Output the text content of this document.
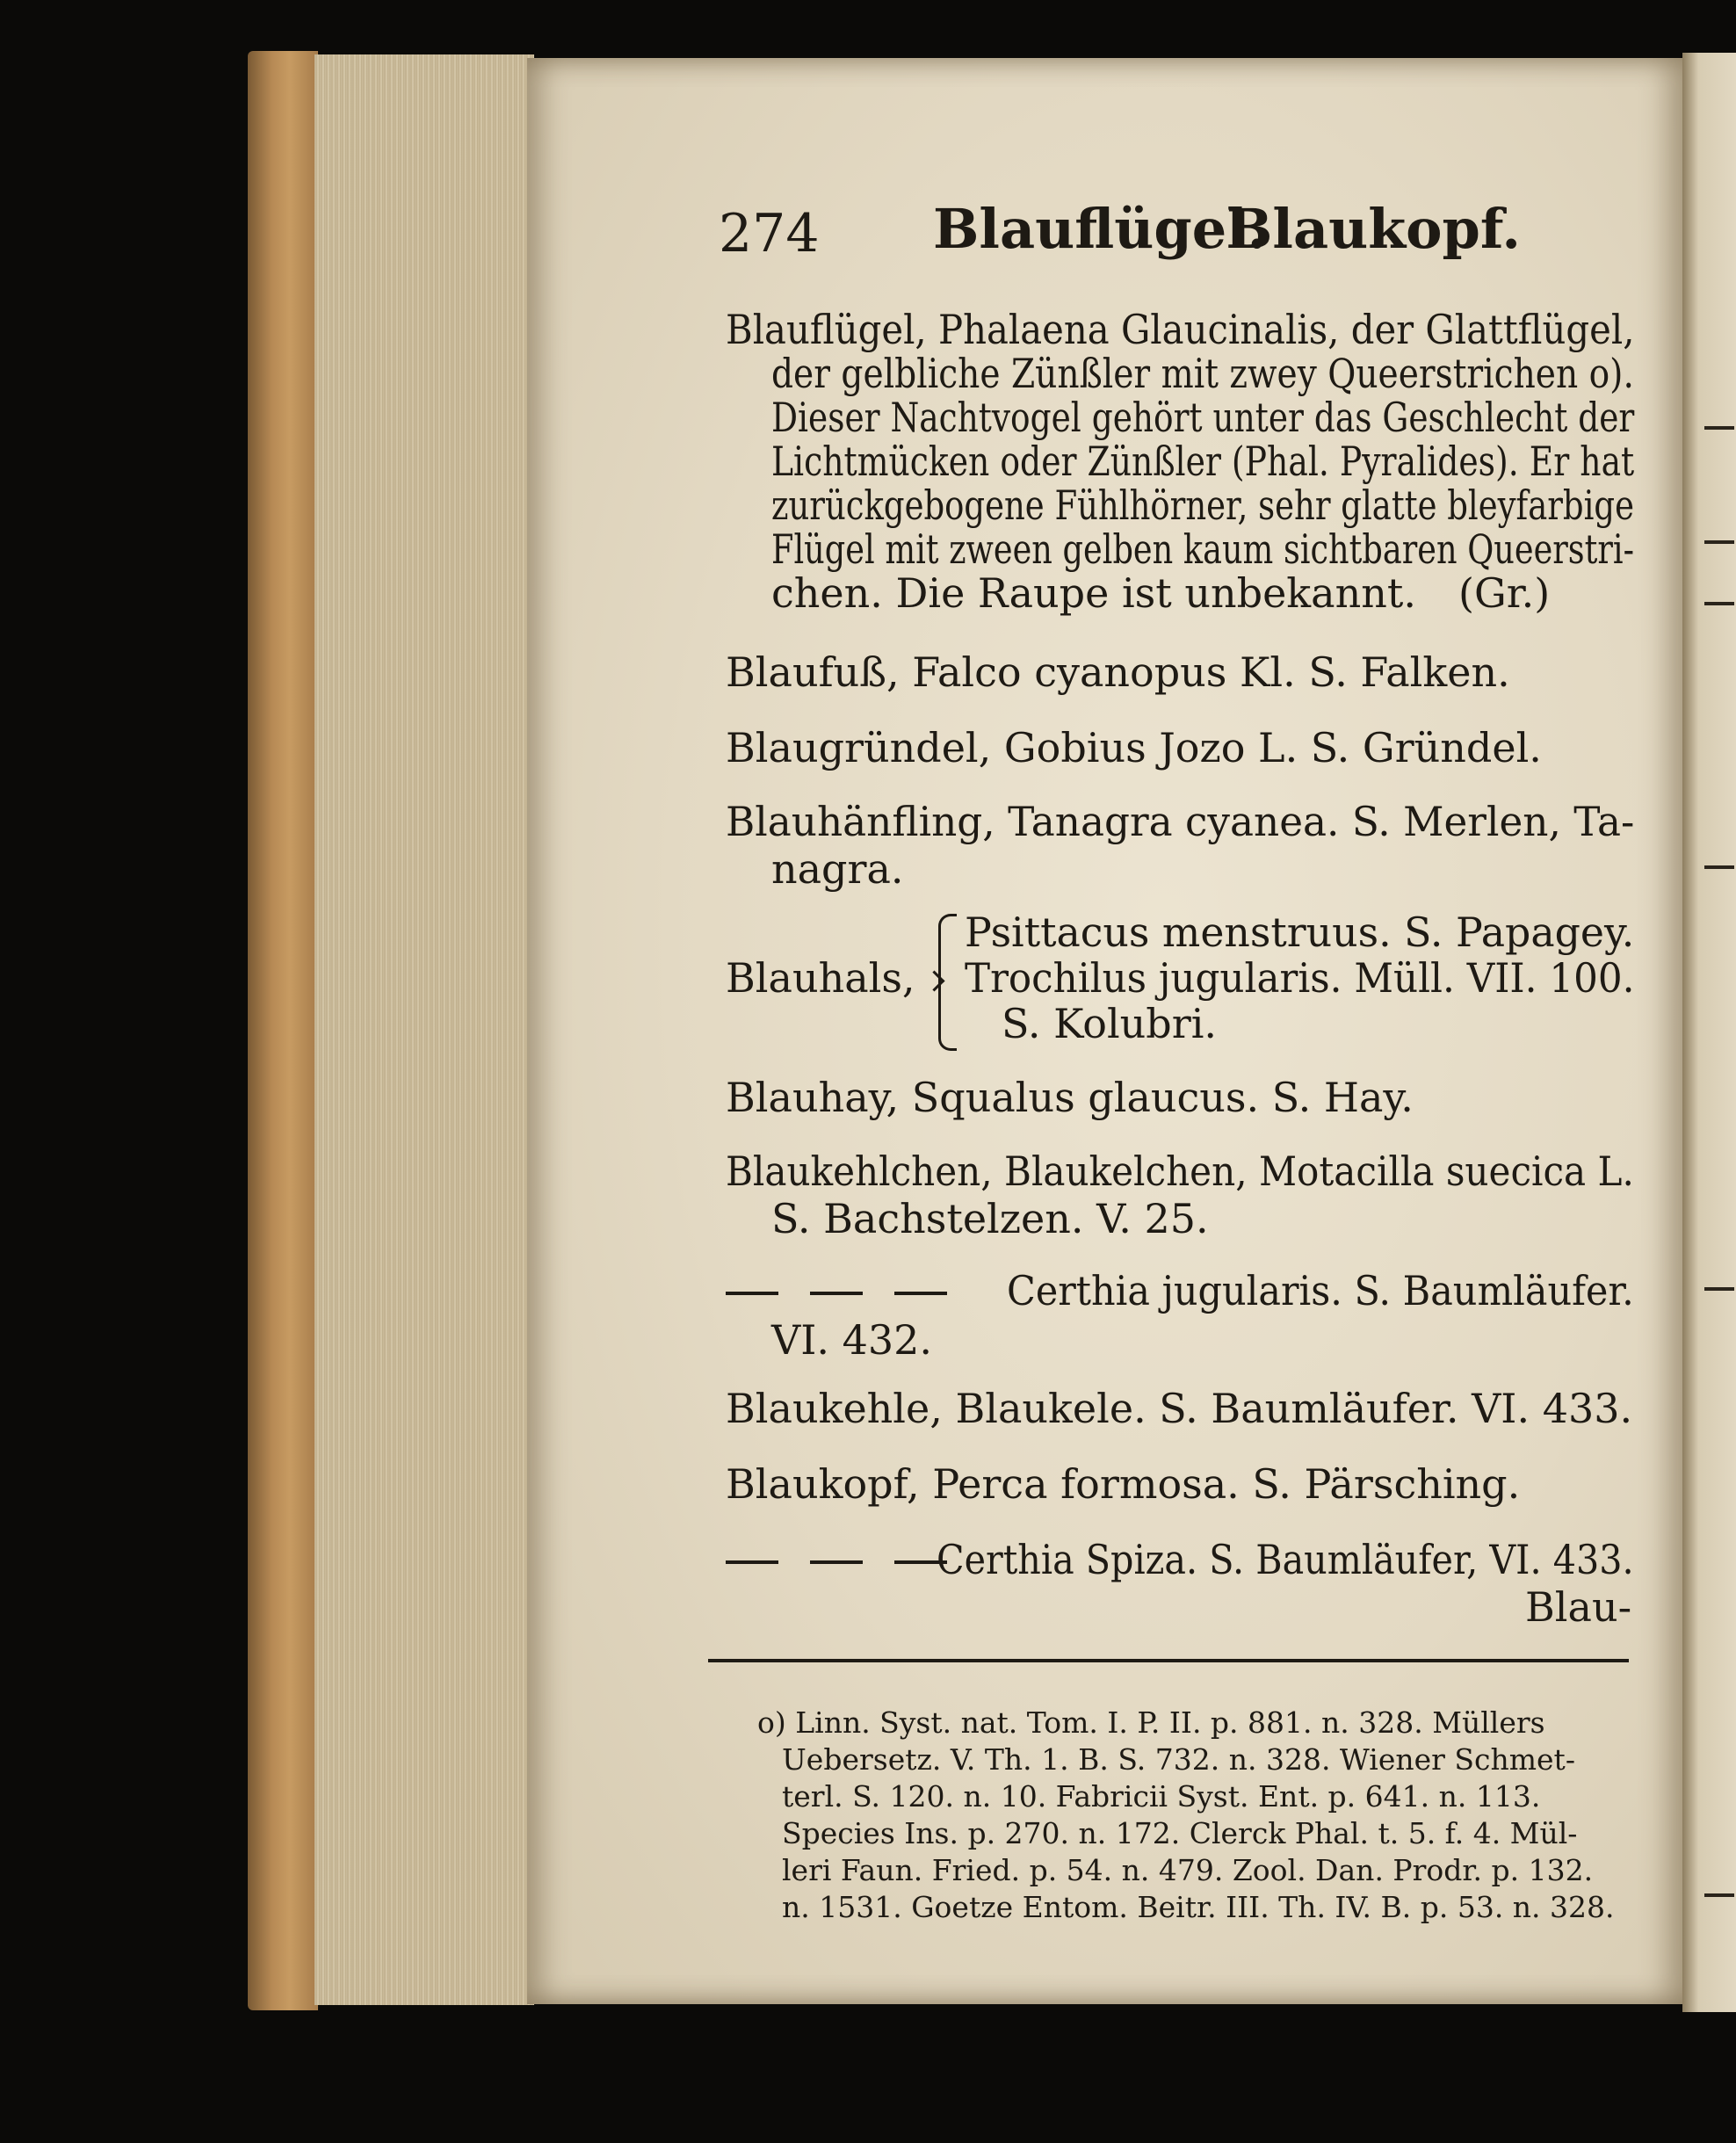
274 Blauflügel.
Blaukopf.
Blauflügel, Phalaena Glaucinalis, der Glattflügel,
der gelbliche Zünßler mit zwey Queerstrichen o).
Dieser Nachtvogel gehört unter das Geschlecht der
Lichtmücken oder Zünßler (Phal. Pyralides). Er hat
zurückgebogene Fühlhörner, sehr glatte bleyfarbige
Flügel mit zween gelben kaum sichtbaren Queerstri-
chen. Die Raupe ist unbekannt. (Gr.)
Blaufuß, Falco cyanopus Kl. S. Falken.
Blaugründel, Gobius Jozo L. S. Gründel.
Blauhänfling, Tanagra cyanea. S. Merlen, Ta-
nagra.
Blauhals,
Psittacus menstruus. S. Papagey.
Trochilus jugularis. Müll. VII. 100.
S. Kolubri.
Blauhay, Squalus glaucus. S. Hay.
Blaukehlchen, Blaukelchen, Motacilla suecica L.
S. Bachstelzen. V. 25.
Certhia jugularis. S. Baumläufer.
VI. 432.
Blaukehle, Blaukele. S. Baumläufer. VI. 433.
Blaukopf, Perca formosa. S. Pärsching.
Certhia Spiza. S. Baumläufer, VI. 433.
Blau-
o) Linn. Syst. nat. Tom. I. P. II. p. 881. n. 328. Müllers
Uebersetz. V. Th. 1. B. S. 732. n. 328. Wiener Schmet-
terl. S. 120. n. 10. Fabricii Syst. Ent. p. 641. n. 113.
Species Ins. p. 270. n. 172. Clerck Phal. t. 5. f. 4. Mül-
leri Faun. Fried. p. 54. n. 479. Zool. Dan. Prodr. p. 132.
n. 1531. Goetze Entom. Beitr. III. Th. IV. B. p. 53. n. 328.
